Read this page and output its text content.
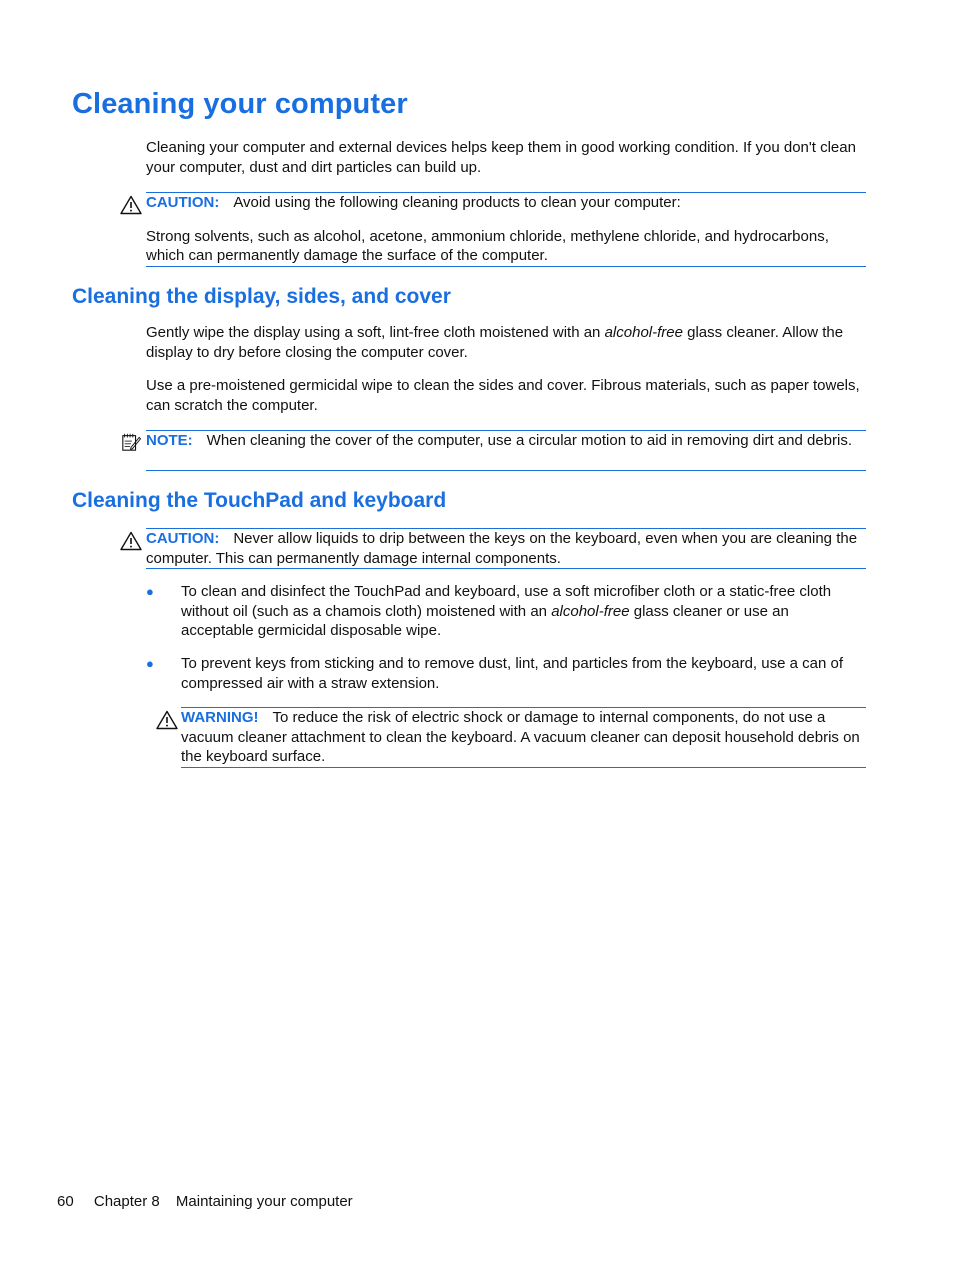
Cleaning your computer

Cleaning your computer and external devices helps keep them in good working condition. If you don't clean your computer, dust and dirt particles can build up.

CAUTION: Avoid using the following cleaning products to clean your computer:

Strong solvents, such as alcohol, acetone, ammonium chloride, methylene chloride, and hydrocarbons, which can permanently damage the surface of the computer.

Cleaning the display, sides, and cover

Gently wipe the display using a soft, lint-free cloth moistened with an alcohol-free glass cleaner. Allow the display to dry before closing the computer cover.

Use a pre-moistened germicidal wipe to clean the sides and cover. Fibrous materials, such as paper towels, can scratch the computer.

NOTE: When cleaning the cover of the computer, use a circular motion to aid in removing dirt and debris.

Cleaning the TouchPad and keyboard

CAUTION: Never allow liquids to drip between the keys on the keyboard, even when you are cleaning the computer. This can permanently damage internal components.

● To clean and disinfect the TouchPad and keyboard, use a soft microfiber cloth or a static-free cloth without oil (such as a chamois cloth) moistened with an alcohol-free glass cleaner or use an acceptable germicidal disposable wipe.

● To prevent keys from sticking and to remove dust, lint, and particles from the keyboard, use a can of compressed air with a straw extension.

WARNING! To reduce the risk of electric shock or damage to internal components, do not use a vacuum cleaner attachment to clean the keyboard. A vacuum cleaner can deposit household debris on the keyboard surface.

60 Chapter 8 Maintaining your computer
